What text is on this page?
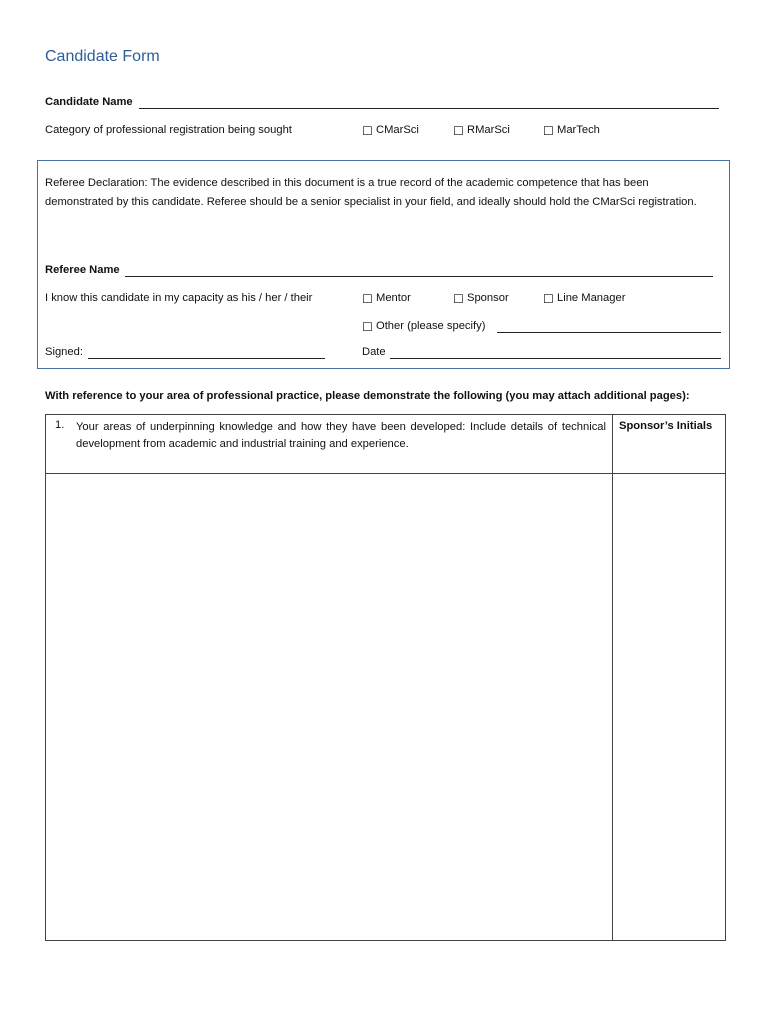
Candidate Form
Candidate Name
Category of professional registration being sought	☐ CMarSci	☐ RMarSci	☐ MarTech
Referee Declaration: The evidence described in this document is a true record of the academic competence that has been demonstrated by this candidate. Referee should be a senior specialist in your field, and ideally should hold the CMarSci registration.
Referee Name
I know this candidate in my capacity as his / her / their	☐ Mentor	☐ Sponsor	☐ Line Manager
☐ Other (please specify)
Signed:	Date
With reference to your area of professional practice, please demonstrate the following (you may attach additional pages):
1. Your areas of underpinning knowledge and how they have been developed: Include details of technical development from academic and industrial training and experience.	Sponsor’s Initials
